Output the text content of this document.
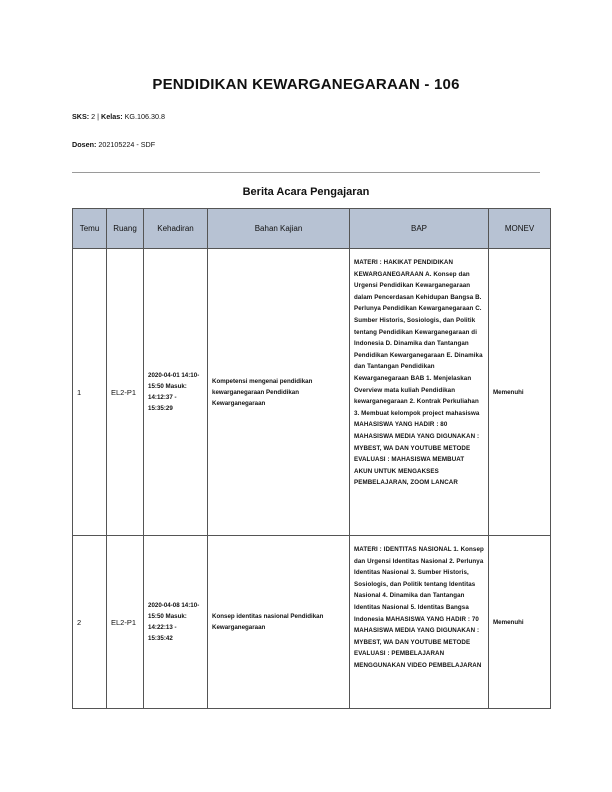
PENDIDIKAN KEWARGANEGARAAN - 106
SKS: 2 | Kelas: KG.106.30.8
Dosen: 202105224 - SDF
Berita Acara Pengajaran
Temu	Ruang	Kehadiran	Bahan Kajian	BAP	MONEV
1	EL2-P1	2020-04-01 14:10-15:50 Masuk: 14:12:37 - 15:35:29	Kompetensi mengenai pendidikan kewarganegaraan Pendidikan Kewarganegaraan	MATERI : HAKIKAT PENDIDIKAN KEWARGANEGARAAN A. Konsep dan Urgensi Pendidikan Kewarganegaraan dalam Pencerdasan Kehidupan Bangsa B. Perlunya Pendidikan Kewarganegaraan C. Sumber Historis, Sosiologis, dan Politik tentang Pendidikan Kewarganegaraan di Indonesia D. Dinamika dan Tantangan Pendidikan Kewarganegaraan E. Dinamika dan Tantangan Pendidikan Kewarganegaraan BAB 1. Menjelaskan Overview mata kuliah Pendidikan kewarganegaraan 2. Kontrak Perkuliahan 3. Membuat kelompok project mahasiswa MAHASISWA YANG HADIR : 80 MAHASISWA MEDIA YANG DIGUNAKAN : MYBEST, WA DAN YOUTUBE METODE EVALUASI : MAHASISWA MEMBUAT AKUN UNTUK MENGAKSES PEMBELAJARAN, ZOOM LANCAR	Memenuhi
2	EL2-P1	2020-04-08 14:10-15:50 Masuk: 14:22:13 - 15:35:42	Konsep identitas nasional Pendidikan Kewarganegaraan	MATERI : IDENTITAS NASIONAL 1. Konsep dan Urgensi Identitas Nasional 2. Perlunya Identitas Nasional 3. Sumber Historis, Sosiologis, dan Politik tentang Identitas Nasional 4. Dinamika dan Tantangan Identitas Nasional 5. Identitas Bangsa Indonesia MAHASISWA YANG HADIR : 70 MAHASISWA MEDIA YANG DIGUNAKAN : MYBEST, WA DAN YOUTUBE METODE EVALUASI : PEMBELAJARAN MENGGUNAKAN VIDEO PEMBELAJARAN	Memenuhi
